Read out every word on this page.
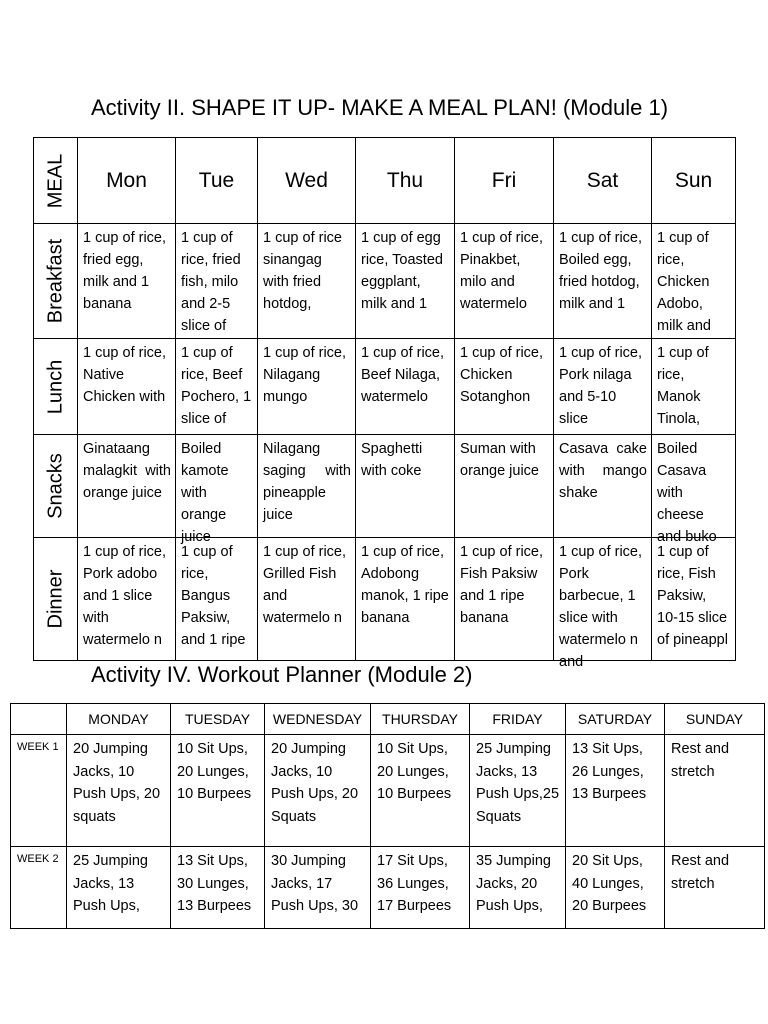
Activity II. SHAPE IT UP- MAKE A MEAL PLAN! (Module 1)
MEAL	Mon	Tue	Wed	Thu	Fri	Sat	Sun

Breakfast	1 cup of rice, fried egg, milk and 1 banana	1 cup of rice, fried fish, milo and 2-5 slice of	1 cup of rice sinangag with fried hotdog,	1 cup of egg rice, Toasted eggplant, milk and 1	1 cup of rice, Pinakbet, milo and watermelo	1 cup of rice, Boiled egg, fried hotdog, milk and 1	1 cup of rice, Chicken Adobo, milk and

Lunch	1 cup of rice, Native Chicken with	1 cup of rice, Beef Pochero, 1 slice of	1 cup of rice, Nilagang mungo	1 cup of rice, Beef Nilaga, watermelo	1 cup of rice, Chicken Sotanghon	1 cup of rice, Pork nilaga and 5-10 slice	1 cup of rice, Manok Tinola,

Snacks	Ginataang malagkit with orange juice	Boiled kamote with orange juice	Nilagang saging with pineapple juice	Spaghetti with coke	Suman with orange juice	Casava cake with mango shake	Boiled Casava with cheese and buko

Dinner	1 cup of rice, Pork adobo and 1 slice with watermelo n	1 cup of rice, Bangus Paksiw, and 1 ripe	1 cup of rice, Grilled Fish and watermelo n	1 cup of rice, Adobong manok, 1 ripe banana	1 cup of rice, Fish Paksiw and 1 ripe banana	1 cup of rice, Pork barbecue, 1 slice with watermelo n and	1 cup of rice, Fish Paksiw, 10-15 slice of pineappl
Activity IV. Workout Planner (Module 2)
	MONDAY	TUESDAY	WEDNESDAY	THURSDAY	FRIDAY	SATURDAY	SUNDAY
WEEK 1	20 Jumping Jacks, 10 Push Ups, 20 squats	10 Sit Ups, 20 Lunges, 10 Burpees	20 Jumping Jacks, 10 Push Ups, 20 Squats	10 Sit Ups, 20 Lunges, 10 Burpees	25 Jumping Jacks, 13 Push Ups,25 Squats	13 Sit Ups, 26 Lunges, 13 Burpees	Rest and stretch

WEEK 2	25 Jumping Jacks, 13 Push Ups,	13 Sit Ups, 30 Lunges, 13 Burpees	30 Jumping Jacks, 17 Push Ups, 30	17 Sit Ups, 36 Lunges, 17 Burpees	35 Jumping Jacks, 20 Push Ups,	20 Sit Ups, 40 Lunges, 20 Burpees	Rest and stretch
